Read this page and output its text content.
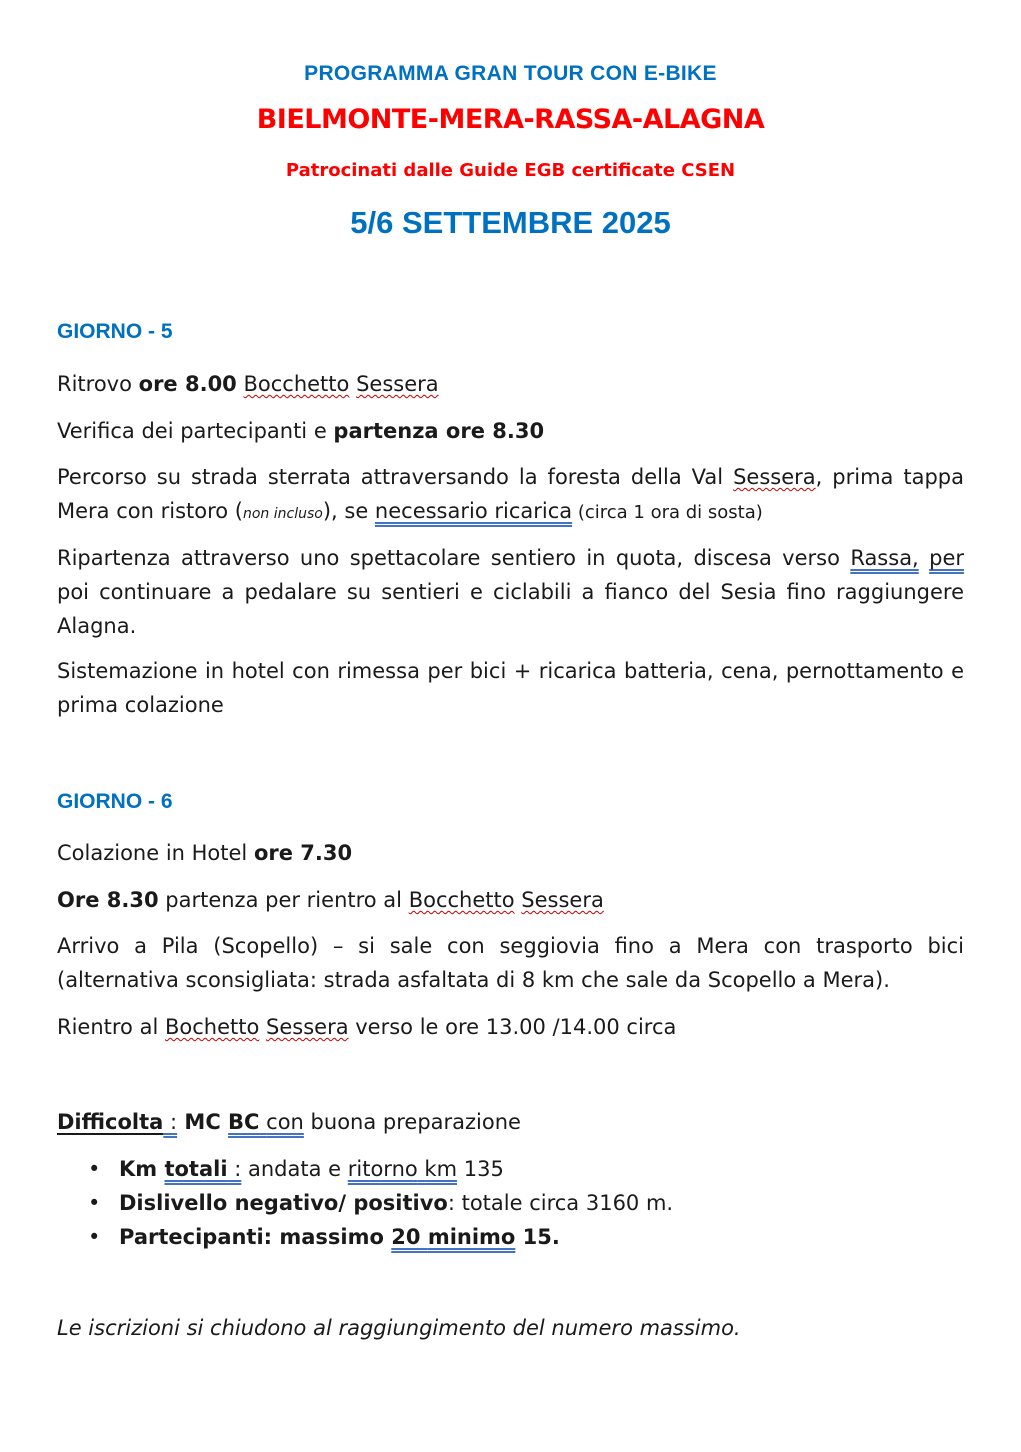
PROGRAMMA GRAN TOUR CON E-BIKE
BIELMONTE-MERA-RASSA-ALAGNA
Patrocinati dalle Guide EGB certificate CSEN
5/6 SETTEMBRE 2025
GIORNO - 5

Ritrovo ore 8.00 Bocchetto Sessera

Verifica dei partecipanti e partenza ore 8.30

Percorso su strada sterrata attraversando la foresta della Val Sessera, prima tappa Mera con ristoro (non incluso), se necessario ricarica (circa 1 ora di sosta)

Ripartenza attraverso uno spettacolare sentiero in quota, discesa verso Rassa, per poi continuare a pedalare su sentieri e ciclabili a fianco del Sesia fino raggiungere Alagna.

Sistemazione in hotel con rimessa per bici + ricarica batteria, cena, pernottamento e prima colazione

GIORNO - 6

Colazione in Hotel ore 7.30

Ore 8.30 partenza per rientro al Bocchetto Sessera

Arrivo a Pila (Scopello) – si sale con seggiovia fino a Mera con trasporto bici (alternativa sconsigliata: strada asfaltata di 8 km che sale da Scopello a Mera).

Rientro al Bochetto Sessera verso le ore 13.00 /14.00 circa

Difficolta : MC BC con buona preparazione

• Km totali : andata e ritorno km 135
• Dislivello negativo/ positivo: totale circa 3160 m.
• Partecipanti: massimo 20 minimo 15.
Le iscrizioni si chiudono al raggiungimento del numero massimo.
